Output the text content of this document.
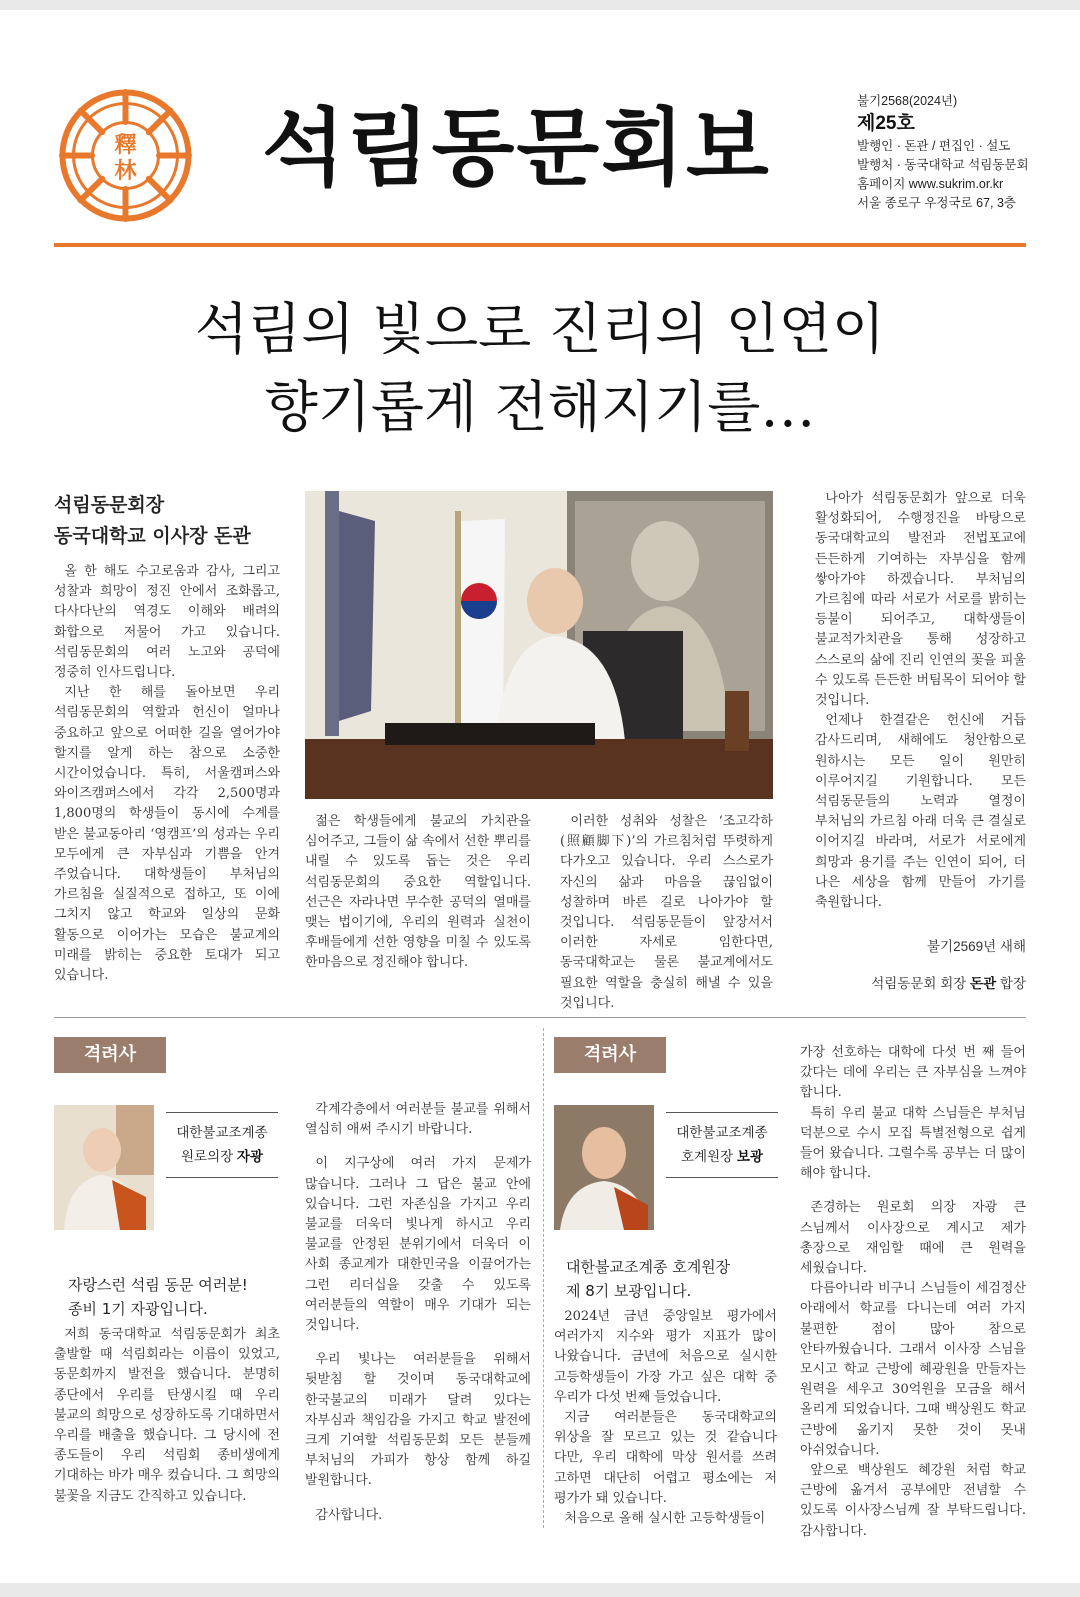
釋
林 석림동문회보	불기2568(2024년)
제25호
발행인 · 돈관 / 편집인 · 설도
발행처 · 동국대학교 석림동문회
홈페이지 www.sukrim.or.kr
서울 종로구 우정국로 67, 3층
석림의 빛으로 진리의 인연이
향기롭게 전해지기를…
석림동문회장
동국대학교 이사장 돈관

올 한 해도 수고로움과 감사, 그리고 성찰과 희망이 정진 안에서 조화롭고, 다사다난의 역경도 이해와 배려의 화합으로 저물어 가고 있습니다. 석림동문회의 여러 노고와 공덕에 정중히 인사드립니다.

지난 한 해를 돌아보면 우리 석림동문회의 역할과 헌신이 얼마나 중요하고 앞으로 어떠한 길을 열어가야 할지를 알게 하는 참으로 소중한 시간이었습니다. 특히, 서울캠퍼스와 와이즈캠퍼스에서 각각 2,500명과 1,800명의 학생들이 동시에 수계를 받은 불교동아리 ‘영캠프’의 성과는 우리 모두에게 큰 자부심과 기쁨을 안겨 주었습니다. 대학생들이 부처님의 가르침을 실질적으로 접하고, 또 이에 그치지 않고 학교와 일상의 문화 활동으로 이어가는 모습은 불교계의 미래를 밝히는 중요한 토대가 되고 있습니다.

젊은 학생들에게 불교의 가치관을 심어주고, 그들이 삶 속에서 선한 뿌리를 내릴 수 있도록 돕는 것은 우리 석림동문회의 중요한 역할입니다. 선근은 자라나면 무수한 공덕의 열매를 맺는 법이기에, 우리의 원력과 실천이 후배들에게 선한 영향을 미칠 수 있도록 한마음으로 정진해야 합니다.

이러한 성취와 성찰은 ‘조고각하(照顧脚下)’의 가르침처럼 뚜렷하게 다가오고 있습니다. 우리 스스로가 자신의 삶과 마음을 끊임없이 성찰하며 바른 길로 나아가야 할 것입니다. 석림동문들이 앞장서서 이러한 자세로 임한다면, 동국대학교는 물론 불교계에서도 필요한 역할을 충실히 해낼 수 있을 것입니다.

나아가 석림동문회가 앞으로 더욱 활성화되어, 수행정진을 바탕으로 동국대학교의 발전과 전법포교에 든든하게 기여하는 자부심을 함께 쌓아가야 하겠습니다. 부처님의 가르침에 따라 서로가 서로를 밝히는 등불이 되어주고, 대학생들이 불교적가치관을 통해 성장하고 스스로의 삶에 진리 인연의 꽃을 피울 수 있도록 든든한 버팀목이 되어야 할 것입니다.

언제나 한결같은 헌신에 거듭 감사드리며, 새해에도 청안함으로 원하시는 모든 일이 원만히 이루어지길 기원합니다. 모든 석림동문들의 노력과 열정이 부처님의 가르침 아래 더욱 큰 결실로 이어지길 바라며, 서로가 서로에게 희망과 용기를 주는 인연이 되어, 더 나은 세상을 함께 만들어 가기를 축원합니다.

불기2569년 새해
석림동문회 회장 돈관 합장
격려사
대한불교조계종
원로의장 자광
자랑스런 석림 동문 여러분!
종비 1기 자광입니다.

저희 동국대학교 석림동문회가 최초 출발할 때 석림회라는 이름이 있었고, 동문회까지 발전을 했습니다. 분명히 종단에서 우리를 탄생시킬 때 우리 불교의 희망으로 성장하도록 기대하면서 우리를 배출을 했습니다. 그 당시에 전 종도들이 우리 석림회 종비생에게 기대하는 바가 매우 컸습니다. 그 희망의 불꽃을 지금도 간직하고 있습니다.

각계각층에서 여러분들 불교를 위해서 열심히 애써 주시기 바랍니다.

이 지구상에 여러 가지 문제가 많습니다. 그러나 그 답은 불교 안에 있습니다. 그런 자존심을 가지고 우리 불교를 더욱더 빛나게 하시고 우리 불교를 안정된 분위기에서 더욱더 이 사회 종교계가 대한민국을 이끌어가는 그런 리더십을 갖출 수 있도록 여러분들의 역할이 매우 기대가 되는 것입니다.

우리 빛나는 여러분들을 위해서 뒷받침 할 것이며 동국대학교에 한국불교의 미래가 달려 있다는 자부심과 책임감을 가지고 학교 발전에 크게 기여할 석림동문회 모든 분들께 부처님의 가피가 항상 함께 하길 발원합니다.

감사합니다.

격려사
대한불교조계종
호계원장 보광
대한불교조계종 호계원장
제 8기 보광입니다.

2024년 금년 중앙일보 평가에서 여러가지 지수와 평가 지표가 많이 나왔습니다. 금년에 처음으로 실시한 고등학생들이 가장 가고 싶은 대학 중 우리가 다섯 번째 들었습니다.

지금 여러분들은 동국대학교의 위상을 잘 모르고 있는 것 같습니다 다만, 우리 대학에 막상 원서를 쓰려 고하면 대단히 어렵고 평소에는 저 평가가 돼 있습니다.

처음으로 올해 실시한 고등학생들이

가장 선호하는 대학에 다섯 번 째 들어 갔다는 데에 우리는 큰 자부심을 느껴야 합니다.

특히 우리 불교 대학 스님들은 부처님 덕분으로 수시 모집 특별전형으로 쉽게 들어 왔습니다. 그럴수록 공부는 더 많이 해야 합니다.

존경하는 원로회 의장 자광 큰 스님께서 이사장으로 계시고 제가 총장으로 재임할 때에 큰 원력을 세웠습니다.

다름아니라 비구니 스님들이 세검정산 아래에서 학교를 다니는데 여러 가지 불편한 점이 많아 참으로 안타까웠습니다. 그래서 이사장 스님을 모시고 학교 근방에 혜광원을 만들자는 원력을 세우고 30억원을 모금을 해서 올리게 되었습니다. 그때 백상원도 학교 근방에 옮기지 못한 것이 못내 아쉬었습니다.

앞으로 백상원도 혜강원 처럼 학교 근방에 옮겨서 공부에만 전념할 수 있도록 이사장스님께 잘 부탁드립니다. 감사합니다.
